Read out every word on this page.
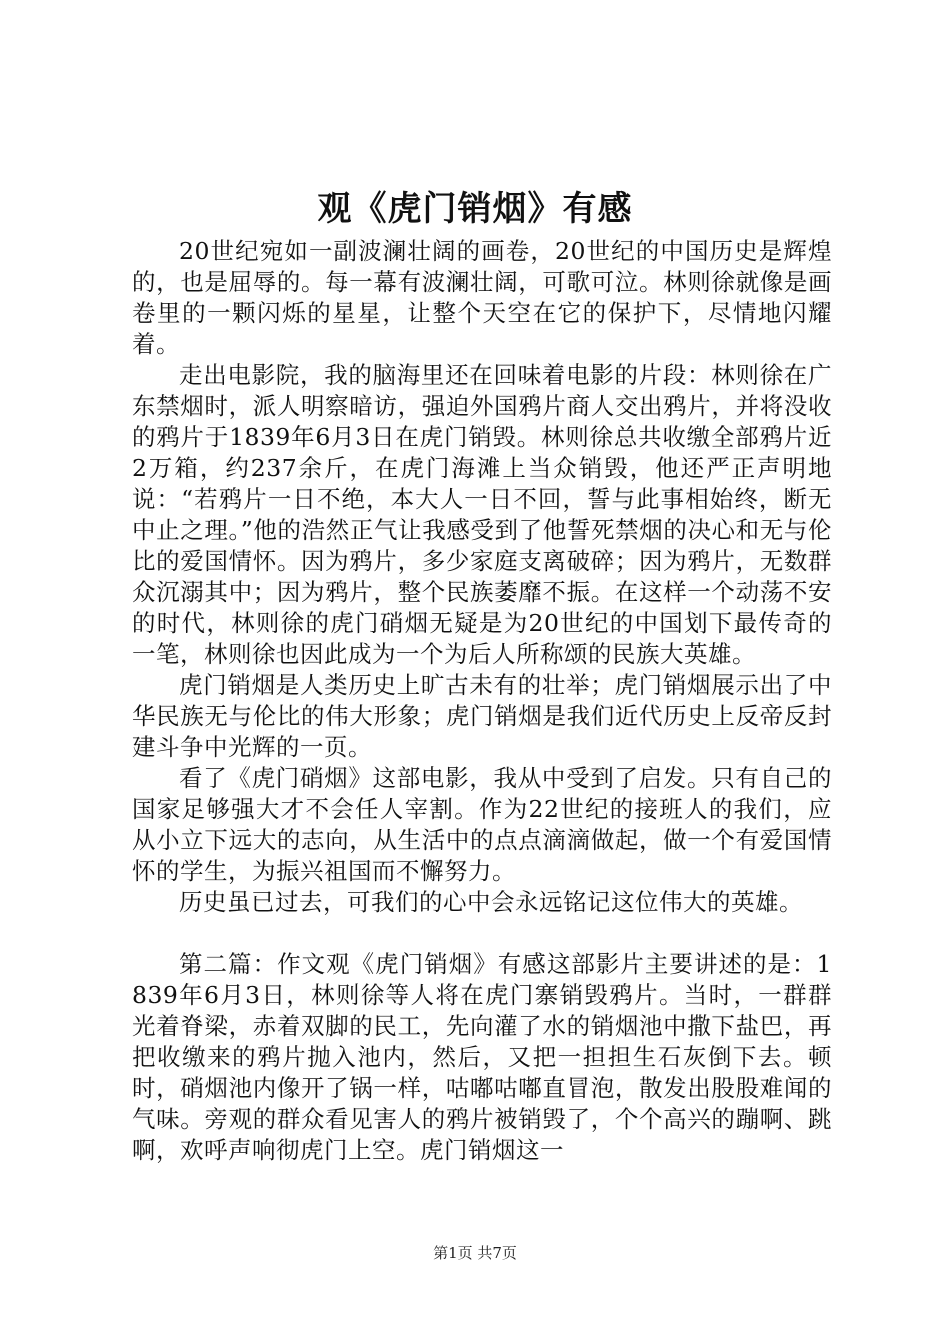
观《虎门销烟》有感

20世纪宛如一副波澜壮阔的画卷，20世纪的中国历史是辉煌的，也是屈辱的。每一幕有波澜壮阔，可歌可泣。林则徐就像是画卷里的一颗闪烁的星星，让整个天空在它的保护下，尽情地闪耀着。

走出电影院，我的脑海里还在回味着电影的片段：林则徐在广东禁烟时，派人明察暗访，强迫外国鸦片商人交出鸦片，并将没收的鸦片于1839年6月3日在虎门销毁。林则徐总共收缴全部鸦片近2万箱，约237余斤，在虎门海滩上当众销毁，他还严正声明地说：“若鸦片一日不绝，本大人一日不回，誓与此事相始终，断无中止之理。”他的浩然正气让我感受到了他誓死禁烟的决心和无与伦比的爱国情怀。因为鸦片，多少家庭支离破碎；因为鸦片，无数群众沉溺其中；因为鸦片，整个民族萎靡不振。在这样一个动荡不安的时代，林则徐的虎门硝烟无疑是为20世纪的中国划下最传奇的一笔，林则徐也因此成为一个为后人所称颂的民族大英雄。

虎门销烟是人类历史上旷古未有的壮举；虎门销烟展示出了中华民族无与伦比的伟大形象；虎门销烟是我们近代历史上反帝反封建斗争中光辉的一页。

看了《虎门硝烟》这部电影，我从中受到了启发。只有自己的国家足够强大才不会任人宰割。作为22世纪的接班人的我们，应从小立下远大的志向，从生活中的点点滴滴做起，做一个有爱国情怀的学生，为振兴祖国而不懈努力。

历史虽已过去，可我们的心中会永远铭记这位伟大的英雄。

第二篇：作文观《虎门销烟》有感这部影片主要讲述的是：1839年6月3日，林则徐等人将在虎门寨销毁鸦片。当时，一群群光着脊梁，赤着双脚的民工，先向灌了水的销烟池中撒下盐巴，再把收缴来的鸦片抛入池内，然后，又把一担担生石灰倒下去。顿时，硝烟池内像开了锅一样，咕嘟咕嘟直冒泡，散发出股股难闻的气味。旁观的群众看见害人的鸦片被销毁了，个个高兴的蹦啊、跳啊，欢呼声响彻虎门上空。虎门销烟这一

第1页 共7页
